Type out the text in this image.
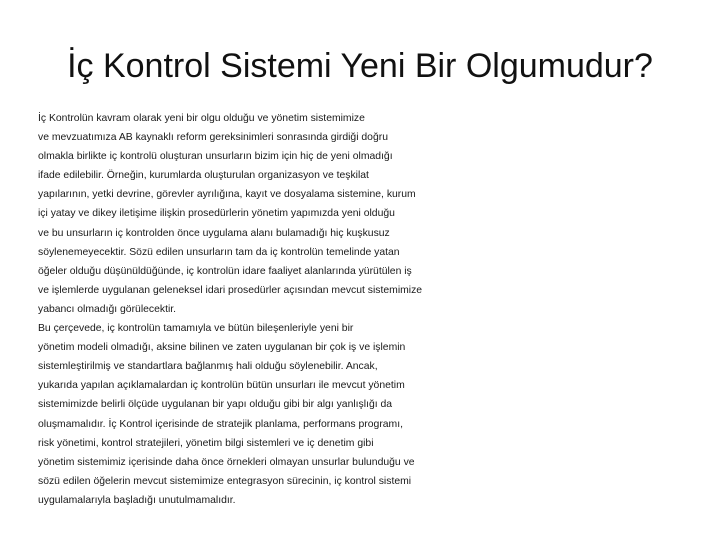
İç Kontrol Sistemi Yeni Bir Olgumudur?
İç Kontrolün kavram olarak yeni bir olgu olduğu ve yönetim sistemimize
ve mevzuatımıza AB kaynaklı reform gereksinimleri sonrasında girdiği doğru
olmakla birlikte iç kontrolü oluşturan unsurların bizim için hiç de yeni olmadığı
ifade edilebilir. Örneğin, kurumlarda oluşturulan organizasyon ve teşkilat
yapılarının, yetki devrine, görevler ayrılığına, kayıt ve dosyalama sistemine, kurum
içi yatay ve dikey iletişime ilişkin prosedürlerin yönetim yapımızda yeni olduğu
ve bu unsurların iç kontrolden önce uygulama alanı bulamadığı hiç kuşkusuz
söylenemeyecektir. Sözü edilen unsurların tam da iç kontrolün temelinde yatan
öğeler olduğu düşünüldüğünde, iç kontrolün idare faaliyet alanlarında yürütülen iş
ve işlemlerde uygulanan geleneksel idari prosedürler açısından mevcut sistemimize
yabancı olmadığı görülecektir.
Bu çerçevede, iç kontrolün tamamıyla ve bütün bileşenleriyle yeni bir
yönetim modeli olmadığı, aksine bilinen ve zaten uygulanan bir çok iş ve işlemin
sistemleştirilmiş ve standartlara bağlanmış hali olduğu söylenebilir. Ancak,
yukarıda yapılan açıklamalardan iç kontrolün bütün unsurları ile mevcut yönetim
sistemimizde belirli ölçüde uygulanan bir yapı olduğu gibi bir algı yanlışlığı da
oluşmamalıdır. İç Kontrol içerisinde de stratejik planlama, performans programı,
risk yönetimi, kontrol stratejileri, yönetim bilgi sistemleri ve iç denetim gibi
yönetim sistemimiz içerisinde daha önce örnekleri olmayan unsurlar bulunduğu ve
sözü edilen öğelerin mevcut sistemimize entegrasyon sürecinin, iç kontrol sistemi
uygulamalarıyla başladığı unutulmamalıdır.
